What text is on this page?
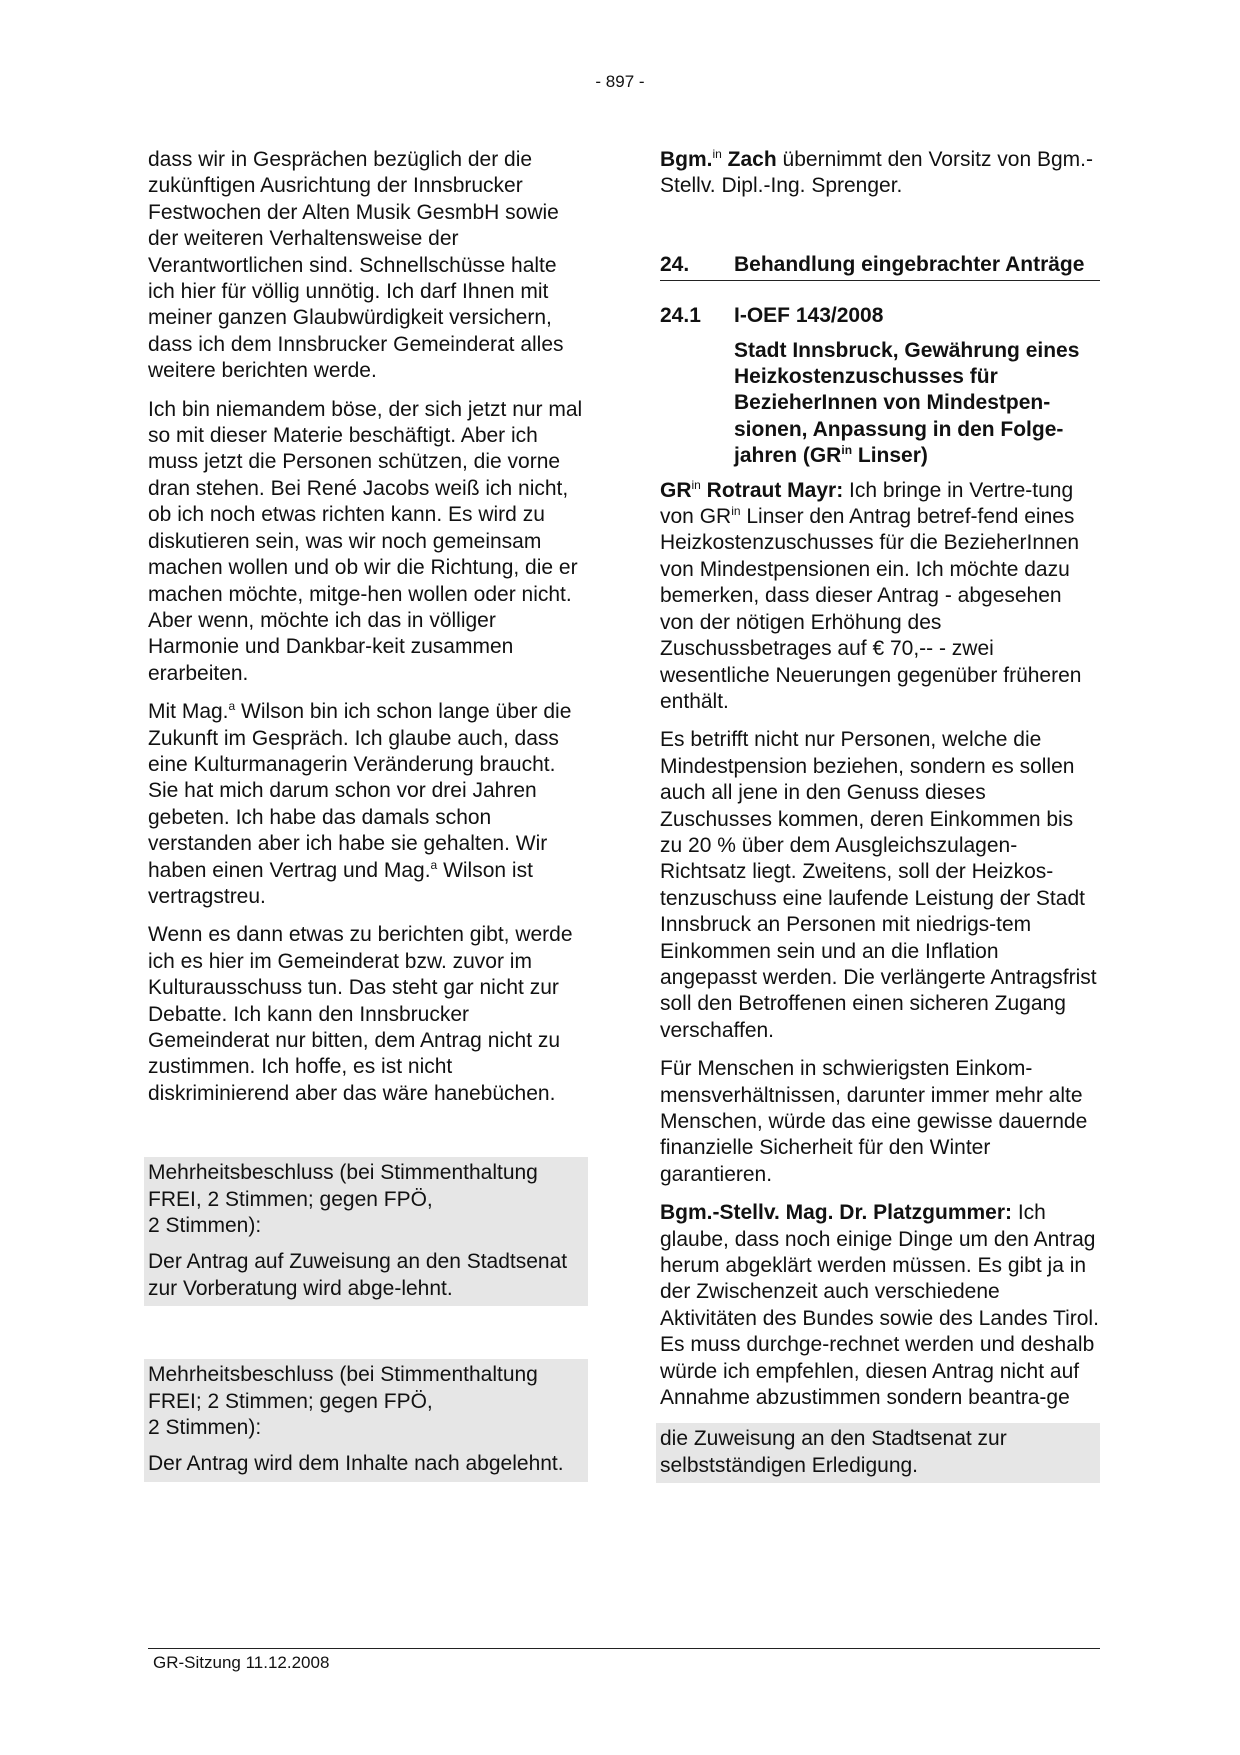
- 897 -

dass wir in Gesprächen bezüglich der die zukünftigen Ausrichtung der Innsbrucker Festwochen der Alten Musik GesmbH sowie der weiteren Verhaltensweise der Verantwortlichen sind. Schnellschüsse halte ich hier für völlig unnötig. Ich darf Ihnen mit meiner ganzen Glaubwürdigkeit versichern, dass ich dem Innsbrucker Gemeinderat alles weitere berichten werde.

Ich bin niemandem böse, der sich jetzt nur mal so mit dieser Materie beschäftigt. Aber ich muss jetzt die Personen schützen, die vorne dran stehen. Bei René Jacobs weiß ich nicht, ob ich noch etwas richten kann. Es wird zu diskutieren sein, was wir noch gemeinsam machen wollen und ob wir die Richtung, die er machen möchte, mitge-hen wollen oder nicht. Aber wenn, möchte ich das in völliger Harmonie und Dankbar-keit zusammen erarbeiten.

Mit Mag.$^a$ Wilson bin ich schon lange über die Zukunft im Gespräch. Ich glaube auch, dass eine Kulturmanagerin Veränderung braucht. Sie hat mich darum schon vor drei Jahren gebeten. Ich habe das damals schon verstanden aber ich habe sie gehalten. Wir haben einen Vertrag und Mag.$^a$ Wilson ist vertragstreu.

Wenn es dann etwas zu berichten gibt, werde ich es hier im Gemeinderat bzw. zuvor im Kulturausschuss tun. Das steht gar nicht zur Debatte. Ich kann den Innsbrucker Gemeinderat nur bitten, dem Antrag nicht zu zustimmen. Ich hoffe, es ist nicht diskriminierend aber das wäre hanebüchen.

Mehrheitsbeschluss (bei Stimmenthaltung
FREI, 2 Stimmen; gegen FPÖ,
2 Stimmen):

Der Antrag auf Zuweisung an den Stadtsenat zur Vorberatung wird abge-lehnt.

Mehrheitsbeschluss (bei Stimmenthaltung
FREI; 2 Stimmen; gegen FPÖ,
2 Stimmen):

Der Antrag wird dem Inhalte nach abgelehnt.

Bgm.$^{in}$ Zach übernimmt den Vorsitz von Bgm.-Stellv. Dipl.-Ing. Sprenger.

24.	Behandlung eingebrachter Anträge
24.1	I-OEF 143/2008
Stadt Innsbruck, Gewährung eines Heizkostenzuschusses für BezieherInnen von Mindestpen-sionen, Anpassung in den Folge-jahren ($GR^{in}$ Linser)

$GR^{in}$ Rotraut Mayr: Ich bringe in Vertre-tung von $GR^{in}$ Linser den Antrag betref-fend eines Heizkostenzuschusses für die BezieherInnen von Mindestpensionen ein. Ich möchte dazu bemerken, dass dieser Antrag - abgesehen von der nötigen Erhöhung des Zuschussbetrages auf € 70,-- - zwei wesentliche Neuerungen gegenüber früheren enthält.

Es betrifft nicht nur Personen, welche die Mindestpension beziehen, sondern es sollen auch all jene in den Genuss dieses Zuschusses kommen, deren Einkommen bis zu 20 % über dem Ausgleichszulagen-Richtsatz liegt. Zweitens, soll der Heizkos-tenzuschuss eine laufende Leistung der Stadt Innsbruck an Personen mit niedrigs-tem Einkommen sein und an die Inflation angepasst werden. Die verlängerte Antragsfrist soll den Betroffenen einen sicheren Zugang verschaffen.

Für Menschen in schwierigsten Einkom-mensverhältnissen, darunter immer mehr alte Menschen, würde das eine gewisse dauernde finanzielle Sicherheit für den Winter garantieren.

Bgm.-Stellv. Mag. Dr. Platzgummer: Ich glaube, dass noch einige Dinge um den Antrag herum abgeklärt werden müssen. Es gibt ja in der Zwischenzeit auch verschiedene Aktivitäten des Bundes sowie des Landes Tirol. Es muss durchge-rechnet werden und deshalb würde ich empfehlen, diesen Antrag nicht auf Annahme abzustimmen sondern beantra-ge

die Zuweisung an den Stadtsenat zur selbstständigen Erledigung.

GR-Sitzung 11.12.2008
